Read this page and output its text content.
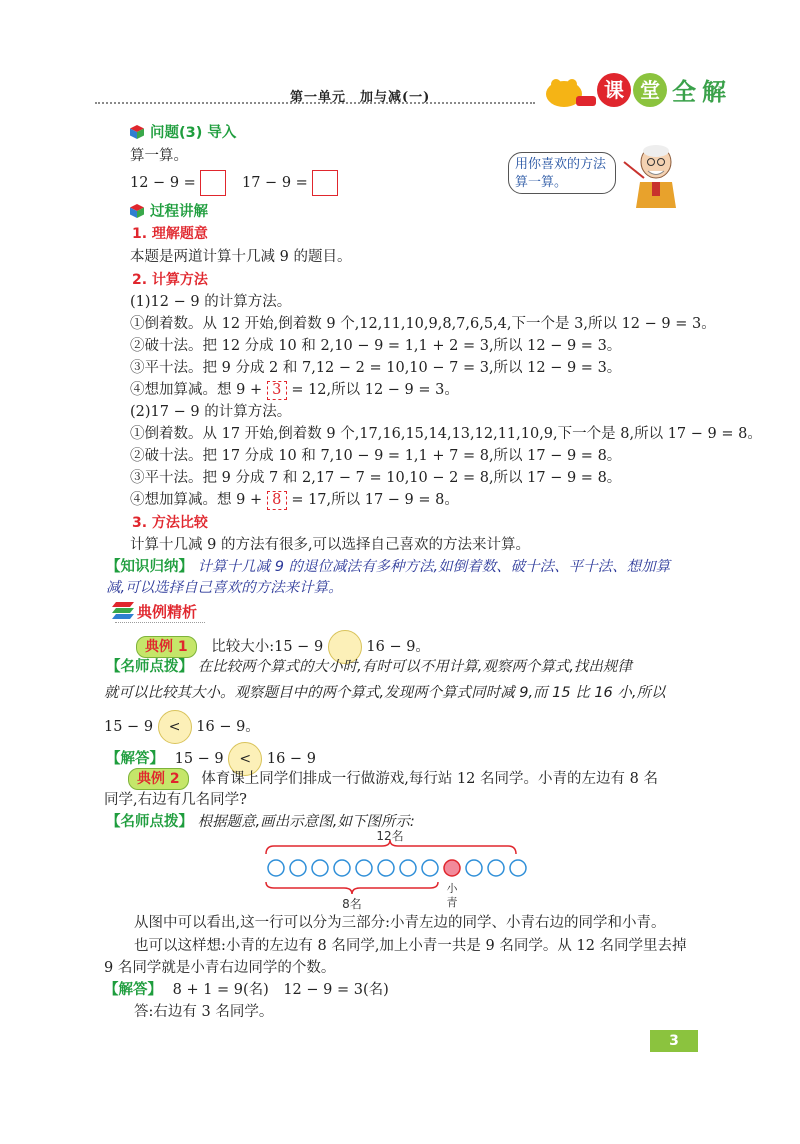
第一单元　加与减(一)	课 堂 全 解
问题(3) 导入
算一算。
12 − 9 =	17 − 9 =
用你喜欢的方法算一算。
过程讲解
1. 理解题意
本题是两道计算十几减 9 的题目。
2. 计算方法
(1)12 − 9 的计算方法。
①倒着数。从 12 开始,倒着数 9 个,12,11,10,9,8,7,6,5,4,下一个是 3,所以 12 − 9 = 3。
②破十法。把 12 分成 10 和 2,10 − 9 = 1,1 + 2 = 3,所以 12 − 9 = 3。
③平十法。把 9 分成 2 和 7,12 − 2 = 10,10 − 7 = 3,所以 12 − 9 = 3。
④想加算减。想 9 + 3 = 12,所以 12 − 9 = 3。
(2)17 − 9 的计算方法。
①倒着数。从 17 开始,倒着数 9 个,17,16,15,14,13,12,11,10,9,下一个是 8,所以 17 − 9 = 8。
②破十法。把 17 分成 10 和 7,10 − 9 = 1,1 + 7 = 8,所以 17 − 9 = 8。
③平十法。把 9 分成 7 和 2,17 − 7 = 10,10 − 2 = 8,所以 17 − 9 = 8。
④想加算减。想 9 + 8 = 17,所以 17 − 9 = 8。
3. 方法比较
计算十几减 9 的方法有很多,可以选择自己喜欢的方法来计算。
【知识归纳】 计算十几减 9 的退位减法有多种方法,如倒着数、破十法、平十法、想加算
减,可以选择自己喜欢的方法来计算。
典例精析
典例 1 比较大小:15 − 9	16 − 9。
【名师点拨】 在比较两个算式的大小时,有时可以不用计算,观察两个算式,找出规律
就可以比较其大小。观察题目中的两个算式,发现两个算式同时减 9,而 15 比 16 小,所以
15 − 9 < 16 − 9。
【解答】 15 − 9 < 16 − 9
典例 2 体育课上同学们排成一行做游戏,每行站 12 名同学。小青的左边有 8 名
同学,右边有几名同学?
【名师点拨】 根据题意,画出示意图,如下图所示:
12名
8名
小
青
从图中可以看出,这一行可以分为三部分:小青左边的同学、小青右边的同学和小青。
也可以这样想:小青的左边有 8 名同学,加上小青一共是 9 名同学。从 12 名同学里去掉
9 名同学就是小青右边同学的个数。
【解答】 8 + 1 = 9(名)　12 − 9 = 3(名)
答:右边有 3 名同学。
3
